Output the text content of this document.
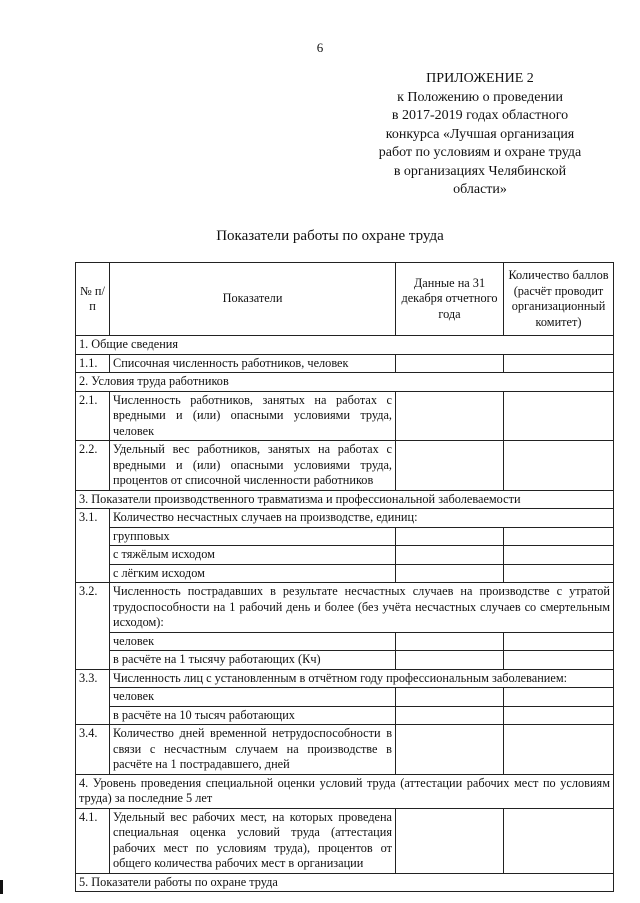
6
ПРИЛОЖЕНИЕ 2
к Положению о проведении
в 2017-2019 годах областного
конкурса «Лучшая организация
работ по условиям и охране труда
в организациях Челябинской
области»
Показатели работы по охране труда
№ п/п	Показатели	Данные на 31 декабря отчетного года	Количество баллов (расчёт проводит организационный комитет)
1. Общие сведения			
1.1.	Списочная численность работников, человек		
2. Условия труда работников			
2.1.	Численность работников, занятых на работах с вредными и (или) опасными условиями труда, человек		
2.2.	Удельный вес работников, занятых на работах с вредными и (или) опасными условиями труда, процентов от списочной численности работников		
3. Показатели производственного травматизма и профессиональной заболеваемости			
3.1.	Количество несчастных случаев на производстве, единиц:		
	групповых		
	с тяжёлым исходом		
	с лёгким исходом		
3.2.	Численность пострадавших в результате несчастных случаев на производстве с утратой трудоспособности на 1 рабочий день и более (без учёта несчастных случаев со смертельным исходом):		
	человек		
	в расчёте на 1 тысячу работающих (Кч)		
3.3.	Численность лиц с установленным в отчётном году профессиональным заболеванием:		
	человек		
	в расчёте на 10 тысяч работающих		
3.4.	Количество дней временной нетрудоспособности в связи с несчастным случаем на производстве в расчёте на 1 пострадавшего, дней		
4. Уровень проведения специальной оценки условий труда (аттестации рабочих мест по условиям труда) за последние 5 лет			
4.1.	Удельный вес рабочих мест, на которых проведена специальная оценка условий труда (аттестация рабочих мест по условиям труда), процентов от общего количества рабочих мест в организации		
5. Показатели работы по охране труда			
